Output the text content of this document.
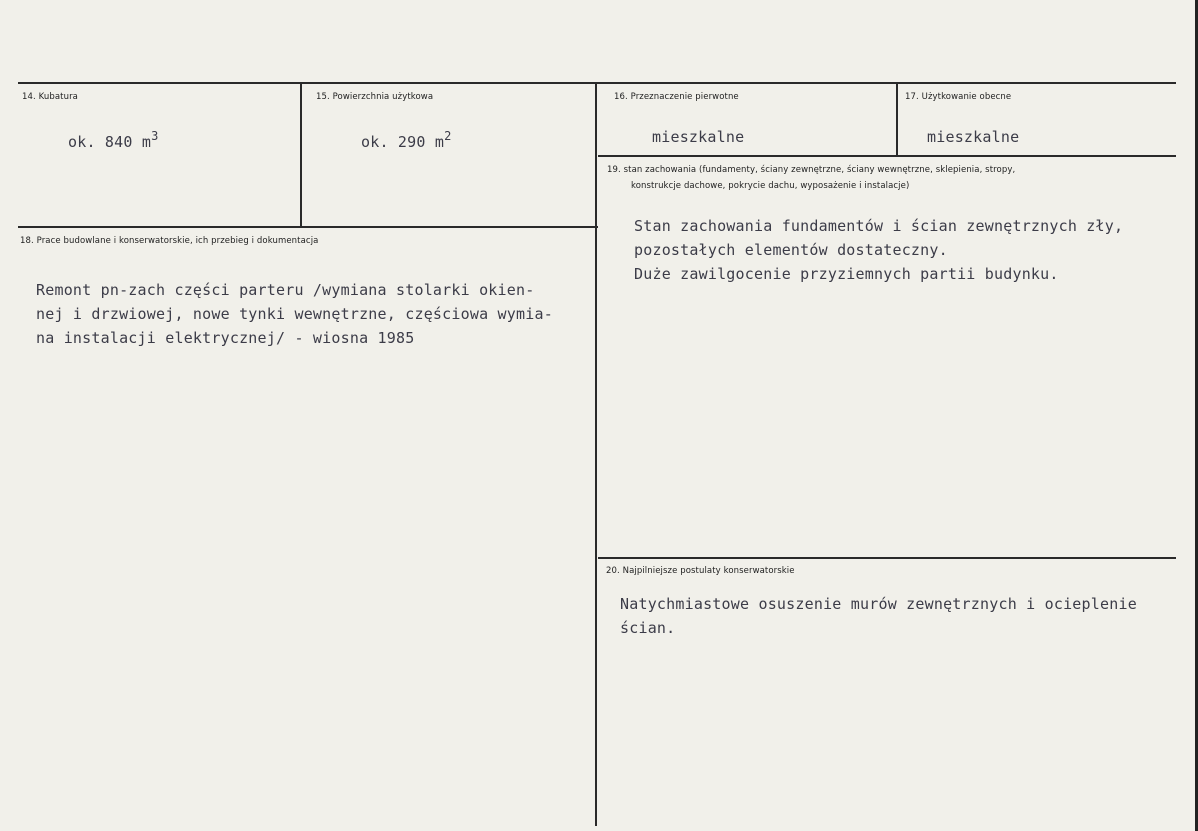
14. Kubatura
ok. 840 $m^3$
15. Powierzchnia użytkowa
ok. 290 $m^2$
16. Przeznaczenie pierwotne
mieszkalne
17. Użytkowanie obecne
mieszkalne
18. Prace budowlane i konserwatorskie, ich przebieg i dokumentacja
Remont pn-zach części parteru /wymiana stolarki okien-
nej i drzwiowej, nowe tynki wewnętrzne, częściowa wymia-
na instalacji elektrycznej/ - wiosna 1985
19. stan zachowania (fundamenty, ściany zewnętrzne, ściany wewnętrzne, sklepienia, stropy,
konstrukcje dachowe, pokrycie dachu, wyposażenie i instalacje)
Stan zachowania fundamentów i ścian zewnętrznych zły,
pozostałych elementów dostateczny.
Duże zawilgocenie przyziemnych partii budynku.
20. Najpilniejsze postulaty konserwatorskie
Natychmiastowe osuszenie murów zewnętrznych i ocieplenie
ścian.
